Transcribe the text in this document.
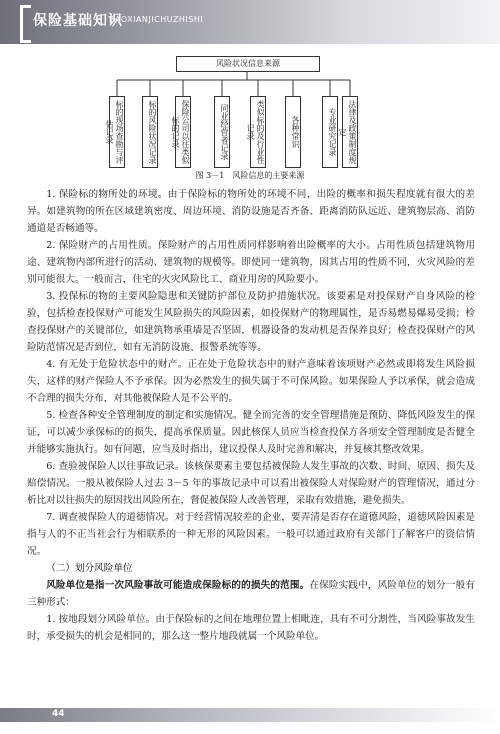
保险基础知识
BAOXIANJICHUZHISHI
风险状况信息来源
标的现场查勘与评估记录	标的风险状况记录	保险公司以往类似标的记录	同业经营者记录	类似标的及行业性记录	各种常识	专业研究记录	法律及政策制度规定
图 3－1　风险信息的主要来源

1. 保险标的物所处的环境。由于保险标的物所处的环境不同，出险的概率和损失程度就有很大的差异。如建筑物的所在区域建筑密度、周边环境、消防设施是否齐备、距离消防队远近、建筑物层高、消防通道是否畅通等。

2. 保险财产的占用性质。保险财产的占用性质同样影响着出险概率的大小。占用性质包括建筑物用途、建筑物内部所进行的活动、建筑物的规模等。即使同一建筑物，因其占用的性质不同，火灾风险的差别可能很大。一般而言，住宅的火灾风险比工、商业用房的风险要小。

3. 投保标的物的主要风险隐患和关键防护部位及防护措施状况。该要素是对投保财产自身风险的检验，包括检查投保财产可能发生风险损失的风险因素，如投保财产的物理属性，是否易燃易爆易受损；检查投保财产的关键部位，如建筑物承重墙是否坚固，机器设备的发动机是否保养良好；检查投保财产的风险防范情况是否到位，如有无消防设施、报警系统等等。

4. 有无处于危险状态中的财产。正在处于危险状态中的财产意味着该项财产必然或即将发生风险损失，这样的财产保险人不予承保。因为必然发生的损失属于不可保风险。如果保险人予以承保，就会造成不合理的损失分布，对其他被保险人是不公平的。

5. 检查各种安全管理制度的制定和实施情况。健全而完善的安全管理措施是预防、降低风险发生的保证，可以减少承保标的的损失，提高承保质量。因此核保人员应当检查投保方各项安全管理制度是否健全并能够实施执行。如有问题，应当及时指出，建议投保人及时完善和解决，并复核其整改效果。

6. 查验被保险人以往事故记录。该核保要素主要包括被保险人发生事故的次数、时间、原因、损失及赔偿情况。一般从被保险人过去 3－5 年的事故记录中可以看出被保险人对保险财产的管理情况，通过分析比对以往损失的原因找出风险所在，督促被保险人改善管理，采取有效措施，避免损失。

7. 调查被保险人的道德情况。对于经营情况较差的企业，要弄清是否存在道德风险，道德风险因素是指与人的不正当社会行为相联系的一种无形的风险因素。一般可以通过政府有关部门了解客户的资信情况。

（二）划分风险单位

风险单位是指一次风险事故可能造成保险标的的损失的范围。在保险实践中，风险单位的划分一般有三种形式：

1. 按地段划分风险单位。由于保险标的之间在地理位置上相毗连，具有不可分割性，当风险事故发生时，承受损失的机会是相同的，那么这一整片地段就属一个风险单位。

44
